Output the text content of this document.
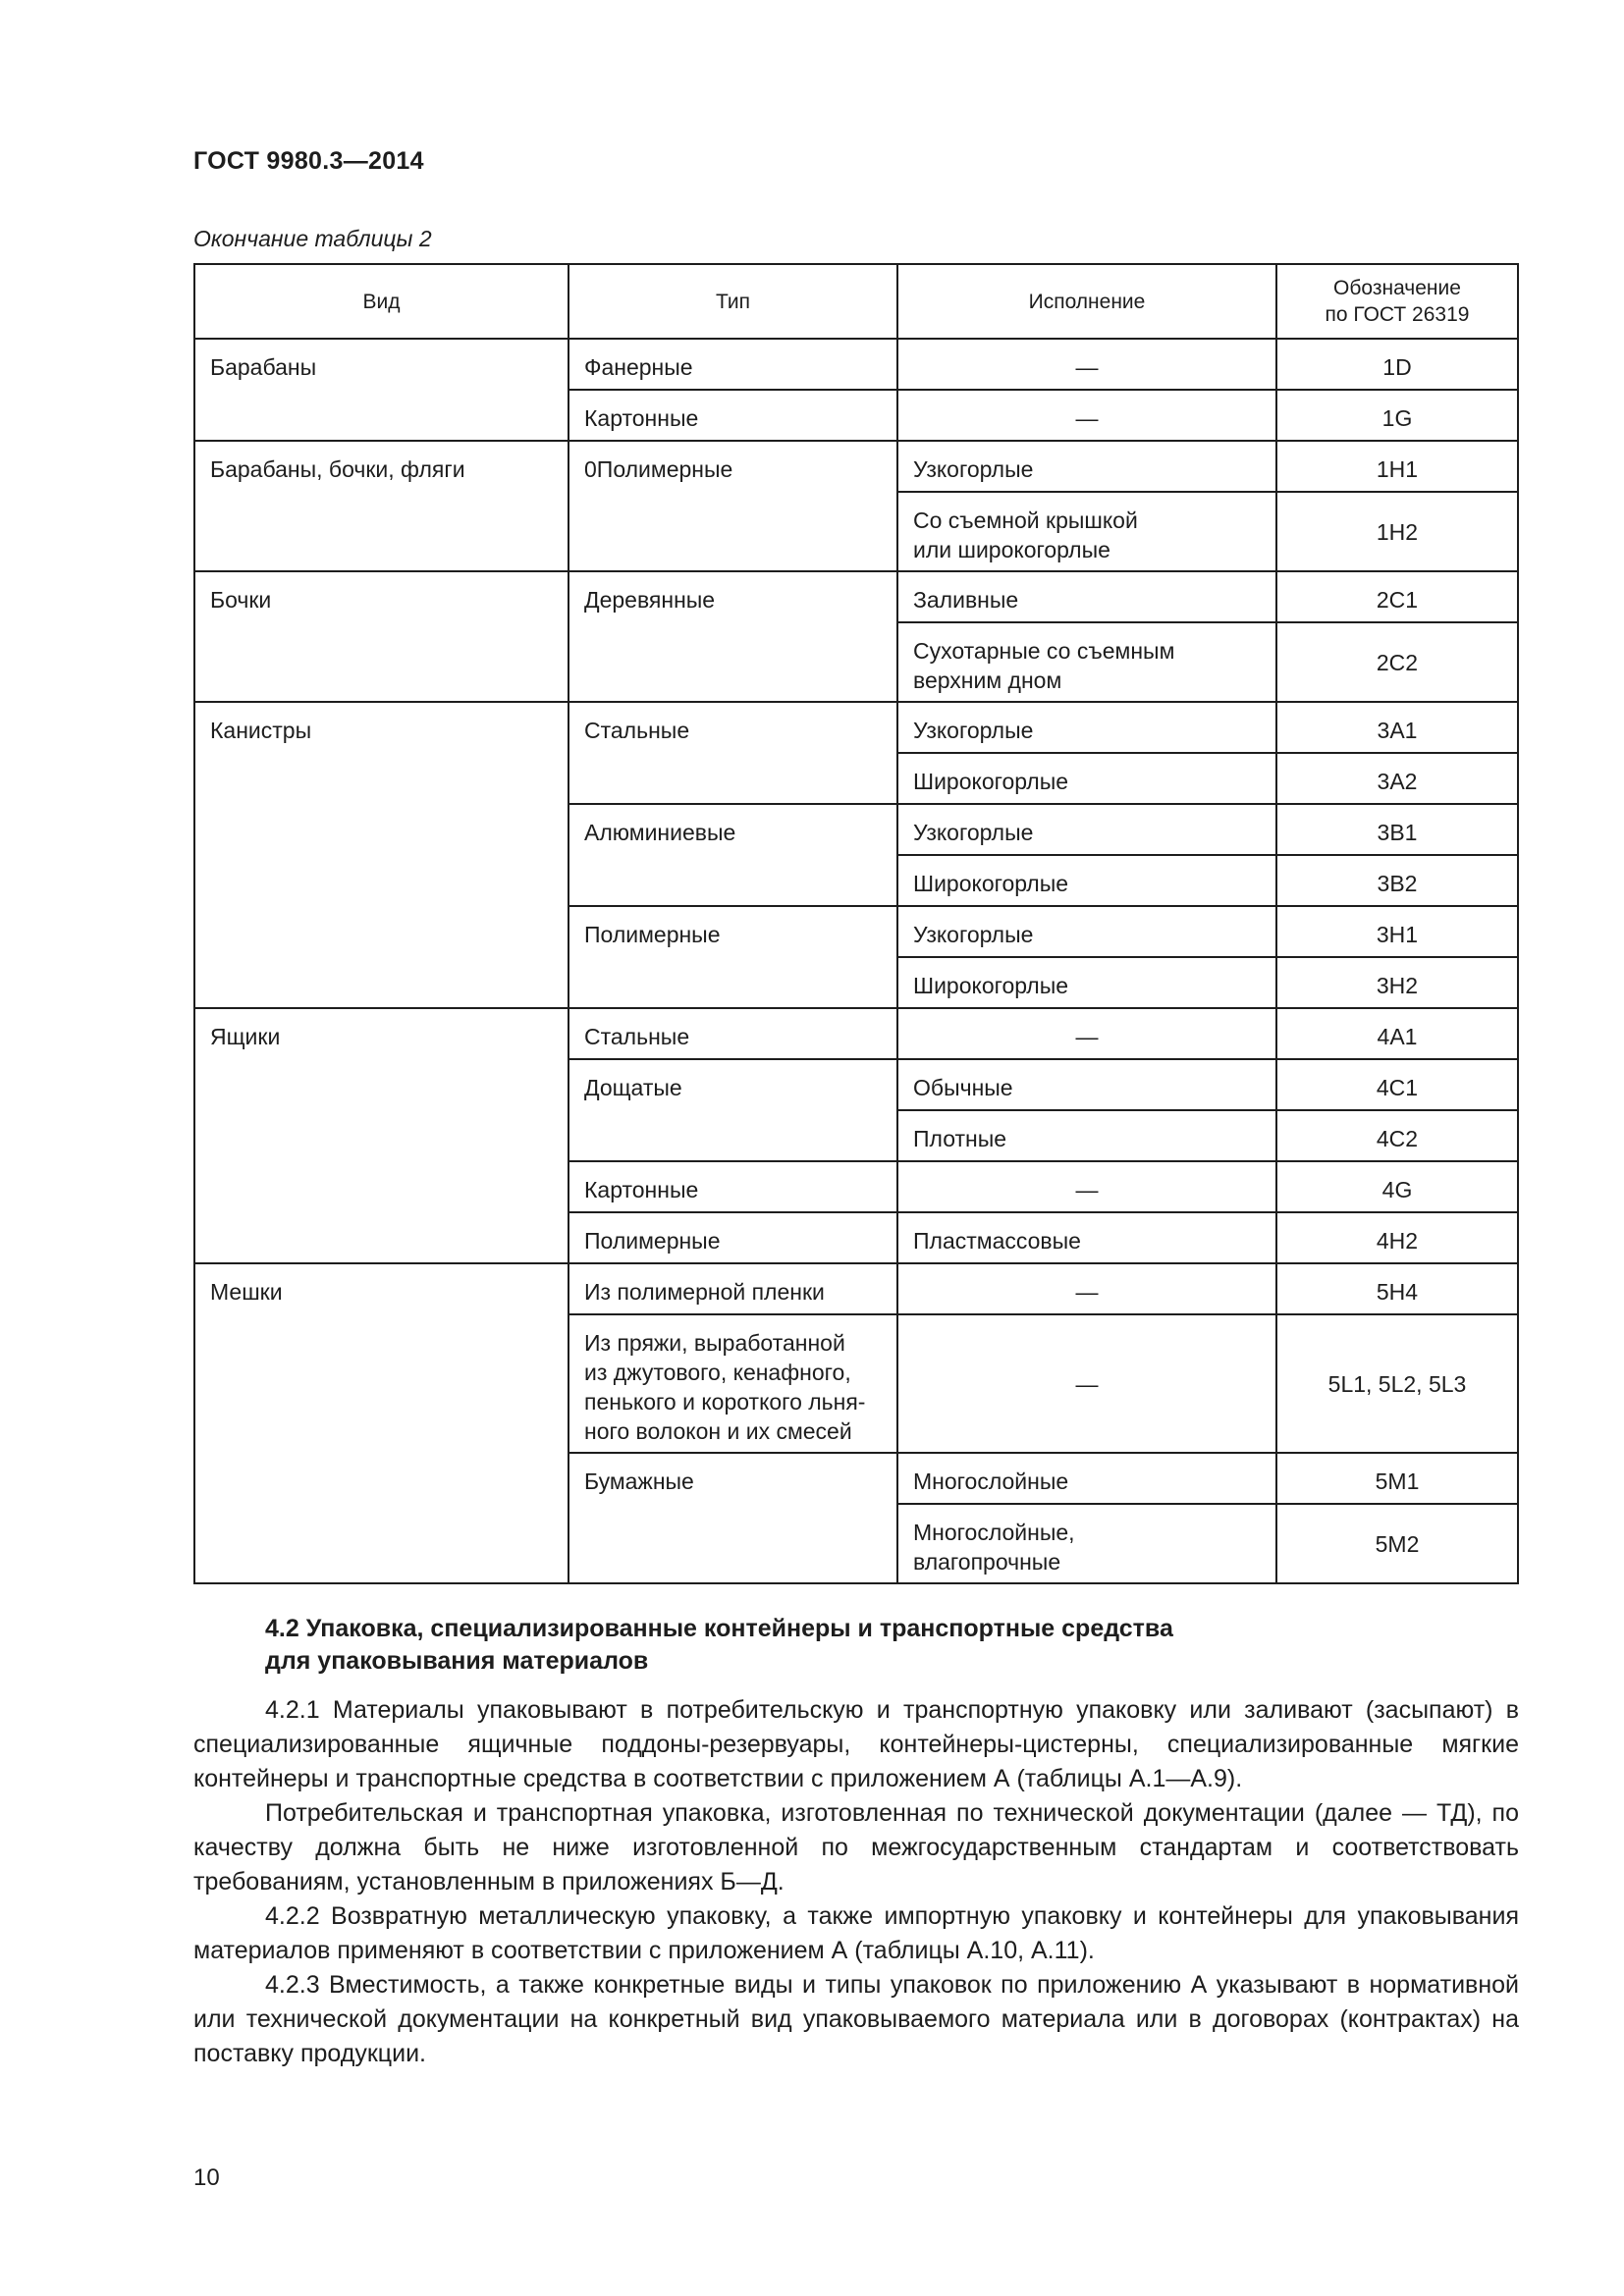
ГОСТ 9980.3—2014
Окончание таблицы 2
Вид	Тип	Исполнение	Обозначение
по ГОСТ 26319
Барабаны	Фанерные	—	1D
	Картонные	—	1G
Барабаны, бочки, фляги	0Полимерные	Узкогорлые	1H1
		Со съемной крышкой
или широкогорлые	1H2
Бочки	Деревянные	Заливные	2C1
		Сухотарные со съемным
верхним дном	2C2
Канистры	Стальные	Узкогорлые	3A1
		Широкогорлые	3A2
	Алюминиевые	Узкогорлые	3B1
		Широкогорлые	3B2
	Полимерные	Узкогорлые	3H1
		Широкогорлые	3H2
Ящики	Стальные	—	4A1
	Дощатые	Обычные	4C1
		Плотные	4C2
	Картонные	—	4G
	Полимерные	Пластмассовые	4H2
Мешки	Из полимерной пленки	—	5H4
	Из пряжи, выработанной
из джутового, кенафного,
пенького и короткого льня-
ного волокон и их смесей	—	5L1, 5L2, 5L3
	Бумажные	Многослойные	5M1
		Многослойные,
влагопрочные	5M2
4.2 Упаковка, специализированные контейнеры и транспортные средства
для упаковывания материалов

4.2.1 Материалы упаковывают в потребительскую и транспортную упаковку или заливают (засыпают) в специализированные ящичные поддоны-резервуары, контейнеры-цистерны, специализированные мягкие контейнеры и транспортные средства в соответствии с приложением А (таблицы А.1—А.9).

Потребительская и транспортная упаковка, изготовленная по технической документации (далее — ТД), по качеству должна быть не ниже изготовленной по межгосударственным стандартам и соответствовать требованиям, установленным в приложениях Б—Д.

4.2.2 Возвратную металлическую упаковку, а также импортную упаковку и контейнеры для упаковывания материалов применяют в соответствии с приложением А (таблицы А.10, А.11).

4.2.3 Вместимость, а также конкретные виды и типы упаковок по приложению А указывают в нормативной или технической документации на конкретный вид упаковываемого материала или в договорах (контрактах) на поставку продукции.

10
